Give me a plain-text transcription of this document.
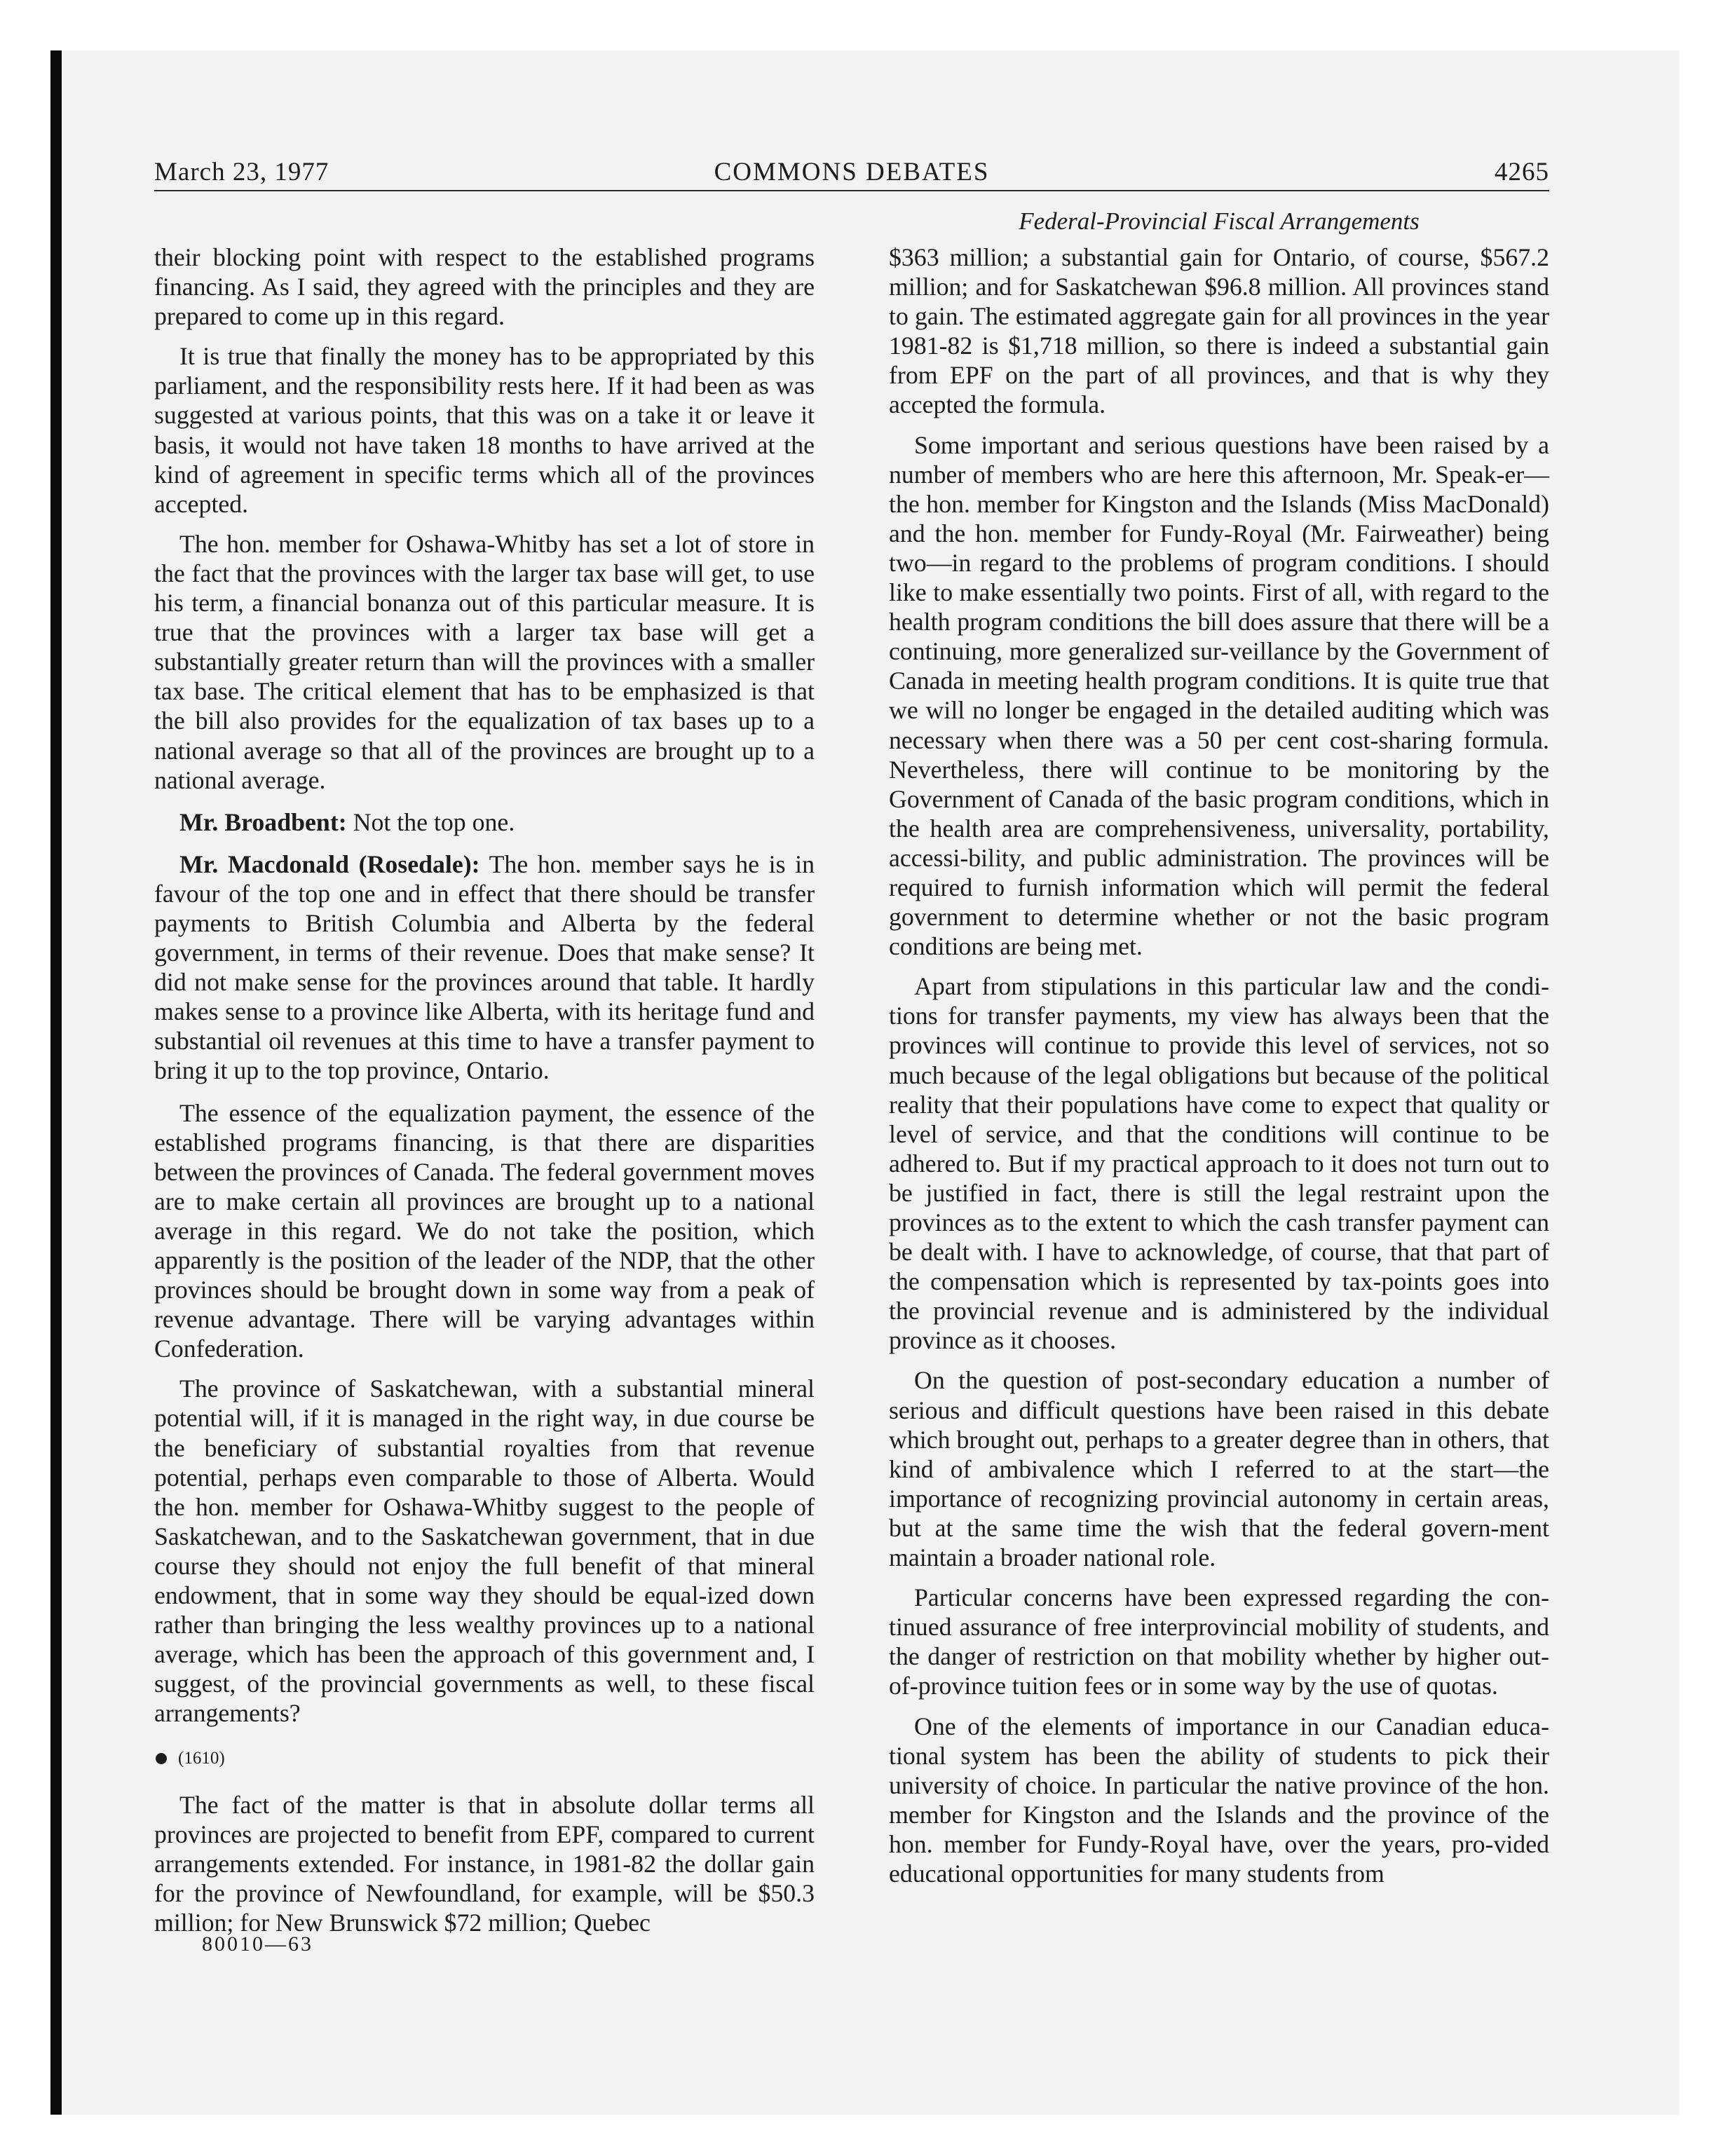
COMMONS DEBATES
March 23, 1977	4265
Federal-Provincial Fiscal Arrangements

their blocking point with respect to the established programs financing. As I said, they agreed with the principles and they are prepared to come up in this regard.

It is true that finally the money has to be appropriated by this parliament, and the responsibility rests here. If it had been as was suggested at various points, that this was on a take it or leave it basis, it would not have taken 18 months to have arrived at the kind of agreement in specific terms which all of the provinces accepted.

The hon. member for Oshawa-Whitby has set a lot of store in the fact that the provinces with the larger tax base will get, to use his term, a financial bonanza out of this particular measure. It is true that the provinces with a larger tax base will get a substantially greater return than will the provinces with a smaller tax base. The critical element that has to be emphasized is that the bill also provides for the equalization of tax bases up to a national average so that all of the provinces are brought up to a national average.

Mr. Broadbent: Not the top one.

Mr. Macdonald (Rosedale): The hon. member says he is in favour of the top one and in effect that there should be transfer payments to British Columbia and Alberta by the federal government, in terms of their revenue. Does that make sense? It did not make sense for the provinces around that table. It hardly makes sense to a province like Alberta, with its heritage fund and substantial oil revenues at this time to have a transfer payment to bring it up to the top province, Ontario.

The essence of the equalization payment, the essence of the established programs financing, is that there are disparities between the provinces of Canada. The federal government moves are to make certain all provinces are brought up to a national average in this regard. We do not take the position, which apparently is the position of the leader of the NDP, that the other provinces should be brought down in some way from a peak of revenue advantage. There will be varying advantages within Confederation.

The province of Saskatchewan, with a substantial mineral potential will, if it is managed in the right way, in due course be the beneficiary of substantial royalties from that revenue potential, perhaps even comparable to those of Alberta. Would the hon. member for Oshawa-Whitby suggest to the people of Saskatchewan, and to the Saskatchewan government, that in due course they should not enjoy the full benefit of that mineral endowment, that in some way they should be equal-ized down rather than bringing the less wealthy provinces up to a national average, which has been the approach of this government and, I suggest, of the provincial governments as well, to these fiscal arrangements?

(1610)

The fact of the matter is that in absolute dollar terms all provinces are projected to benefit from EPF, compared to current arrangements extended. For instance, in 1981-82 the dollar gain for the province of Newfoundland, for example, will be $50.3 million; for New Brunswick $72 million; Quebec

$363 million; a substantial gain for Ontario, of course, $567.2 million; and for Saskatchewan $96.8 million. All provinces stand to gain. The estimated aggregate gain for all provinces in the year 1981-82 is $1,718 million, so there is indeed a substantial gain from EPF on the part of all provinces, and that is why they accepted the formula.

Some important and serious questions have been raised by a number of members who are here this afternoon, Mr. Speak-er—the hon. member for Kingston and the Islands (Miss MacDonald) and the hon. member for Fundy-Royal (Mr. Fairweather) being two—in regard to the problems of program conditions. I should like to make essentially two points. First of all, with regard to the health program conditions the bill does assure that there will be a continuing, more generalized sur-veillance by the Government of Canada in meeting health program conditions. It is quite true that we will no longer be engaged in the detailed auditing which was necessary when there was a 50 per cent cost-sharing formula. Nevertheless, there will continue to be monitoring by the Government of Canada of the basic program conditions, which in the health area are comprehensiveness, universality, portability, accessi-bility, and public administration. The provinces will be required to furnish information which will permit the federal government to determine whether or not the basic program conditions are being met.

Apart from stipulations in this particular law and the condi-tions for transfer payments, my view has always been that the provinces will continue to provide this level of services, not so much because of the legal obligations but because of the political reality that their populations have come to expect that quality or level of service, and that the conditions will continue to be adhered to. But if my practical approach to it does not turn out to be justified in fact, there is still the legal restraint upon the provinces as to the extent to which the cash transfer payment can be dealt with. I have to acknowledge, of course, that that part of the compensation which is represented by tax-points goes into the provincial revenue and is administered by the individual province as it chooses.

On the question of post-secondary education a number of serious and difficult questions have been raised in this debate which brought out, perhaps to a greater degree than in others, that kind of ambivalence which I referred to at the start—the importance of recognizing provincial autonomy in certain areas, but at the same time the wish that the federal govern-ment maintain a broader national role.

Particular concerns have been expressed regarding the con-tinued assurance of free interprovincial mobility of students, and the danger of restriction on that mobility whether by higher out-of-province tuition fees or in some way by the use of quotas.

One of the elements of importance in our Canadian educa-tional system has been the ability of students to pick their university of choice. In particular the native province of the hon. member for Kingston and the Islands and the province of the hon. member for Fundy-Royal have, over the years, pro-vided educational opportunities for many students from

80010—63
